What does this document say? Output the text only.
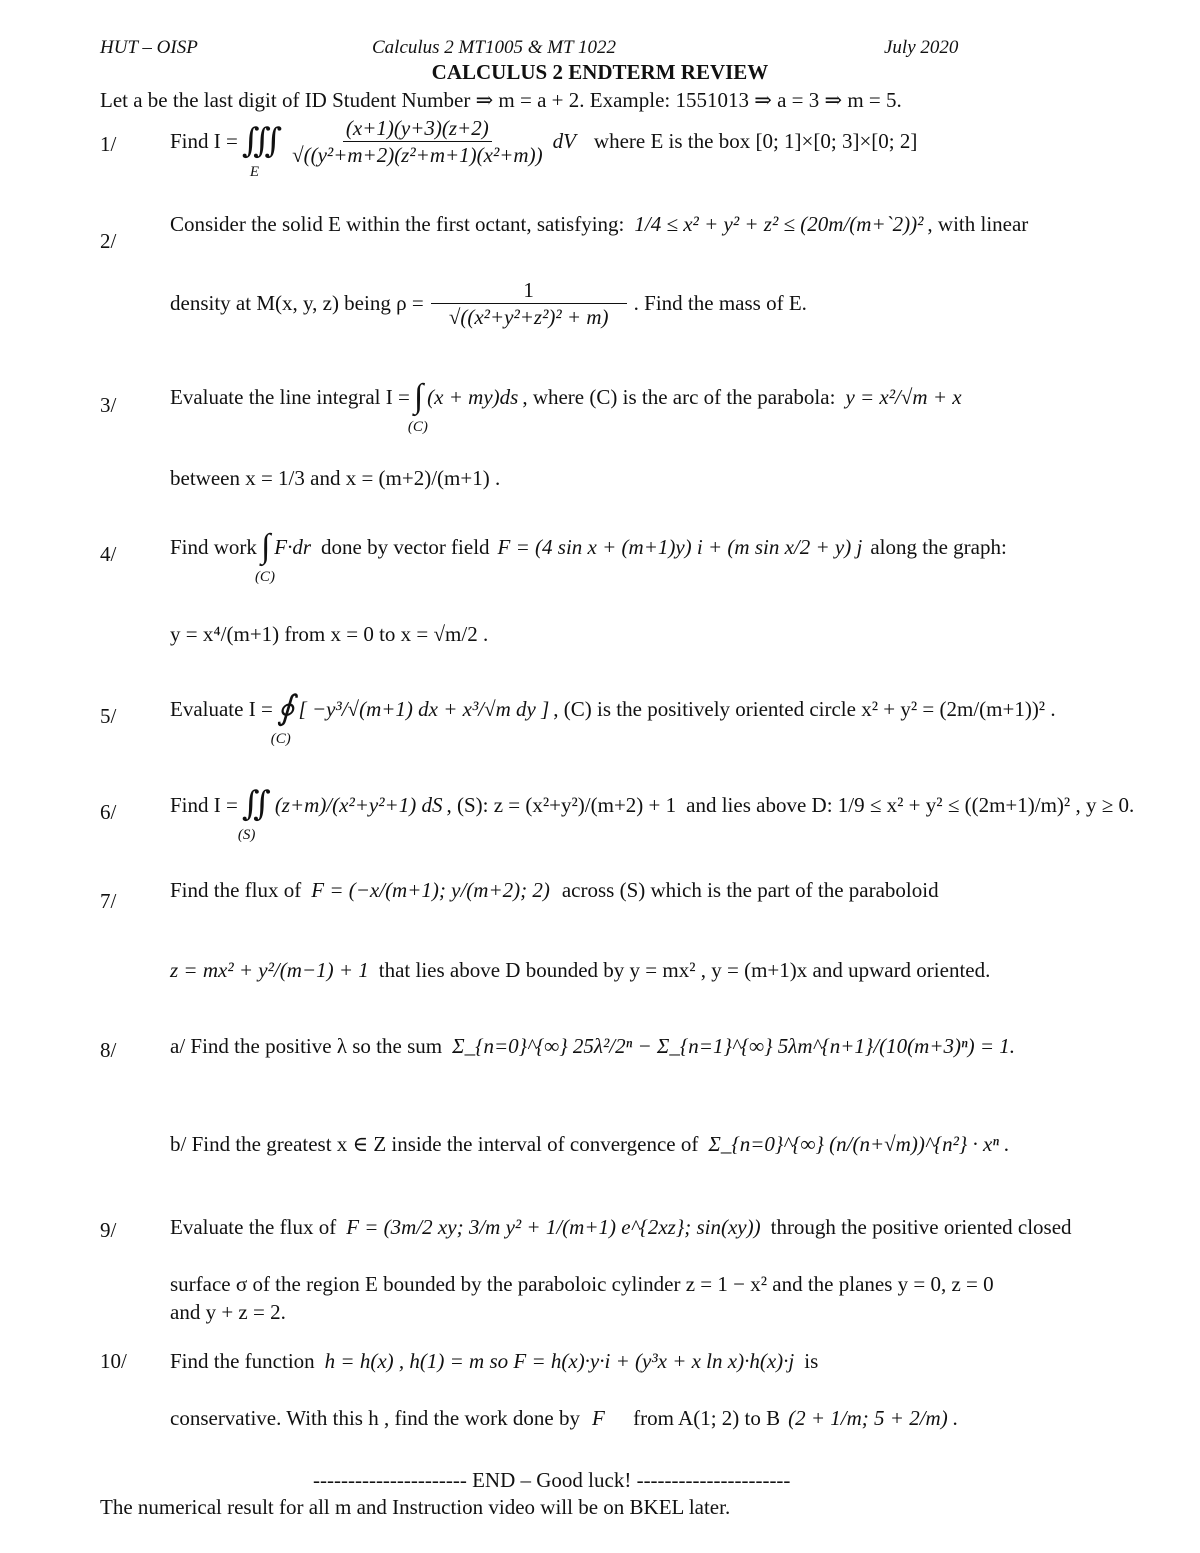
HUT – OISP	Calculus 2 MT1005 & MT 1022	July 2020
CALCULUS 2 ENDTERM REVIEW
Let a be the last digit of ID Student Number ⇒ m = a + 2. Example: 1551013 ⇒ a = 3 ⇒ m = 5.
1/	Find I = ∭
E
$\frac{(x+1)(y+3)(z+2)}{\text{√((y²+m+2)(z²+m+1)(x²+m))}}$ dV where E is the box [0; 1]×[0; 3]×[0; 2]
2/
Consider the solid E within the first octant, satisfying: 1/4 ≤ x² + y² + z² ≤ (20m/(m+`2))² , with linear
density at M(x, y, z) being $\rho = \frac{1}{\text{√((x²+y²+z²)² + m)}}$ . Find the mass of E.
3/	Evaluate the line integral I = ∫
(C)
(x + my)ds , where (C) is the arc of the parabola: y = x²/√m + x
between x = 1/3 and x = (m+2)/(m+1) .
4/	Find work ∫
(C)
F·dr done by vector field F = (4 sin x + (m+1)y) i + (m sin x/2 + y) j along the graph:
y = x⁴/(m+1) from x = 0 to x = √m/2 .
5/	Evaluate I = ∮
(C)
[ −y³/√(m+1) dx + x³/√m dy ] , (C) is the positively oriented circle x² + y² = (2m/(m+1))² .
6/	Find I = ∬
(S)
(z+m)/(x²+y²+1) dS , (S): z = (x²+y²)/(m+2) + 1 and lies above D: 1/9 ≤ x² + y² ≤ ((2m+1)/m)² , y ≥ 0.
7/	Find the flux of F = (−x/(m+1); y/(m+2); 2) across (S) which is the part of the paraboloid
z = mx² + y²/(m−1) + 1 that lies above D bounded by y = mx² , y = (m+1)x and upward oriented.
8/	a/ Find the positive λ so the sum Σ_{n=0}^{∞} 25λ²/2ⁿ − Σ_{n=1}^{∞} 5λm^{n+1}/(10(m+3)ⁿ) = 1.
b/ Find the greatest x ∈ Z inside the interval of convergence of Σ_{n=0}^{∞} (n/(n+√m))^{n²} · xⁿ .
9/	Evaluate the flux of F = (3m/2 xy; 3/m y² + 1/(m+1) e^{2xz}; sin(xy)) through the positive oriented closed
surface σ of the region E bounded by the paraboloic cylinder z = 1 − x² and the planes y = 0, z = 0
and y + z = 2.
10/ Find the function h = h(x) , h(1) = m so F = h(x)·y·i + (y³x + x ln x)·h(x)·j is
conservative. With this h , find the work done by F⃗ from A(1; 2) to B (2 + 1/m; 5 + 2/m) .
---------------------- END – Good luck! ----------------------
The numerical result for all m and Instruction video will be on BKEL later.
